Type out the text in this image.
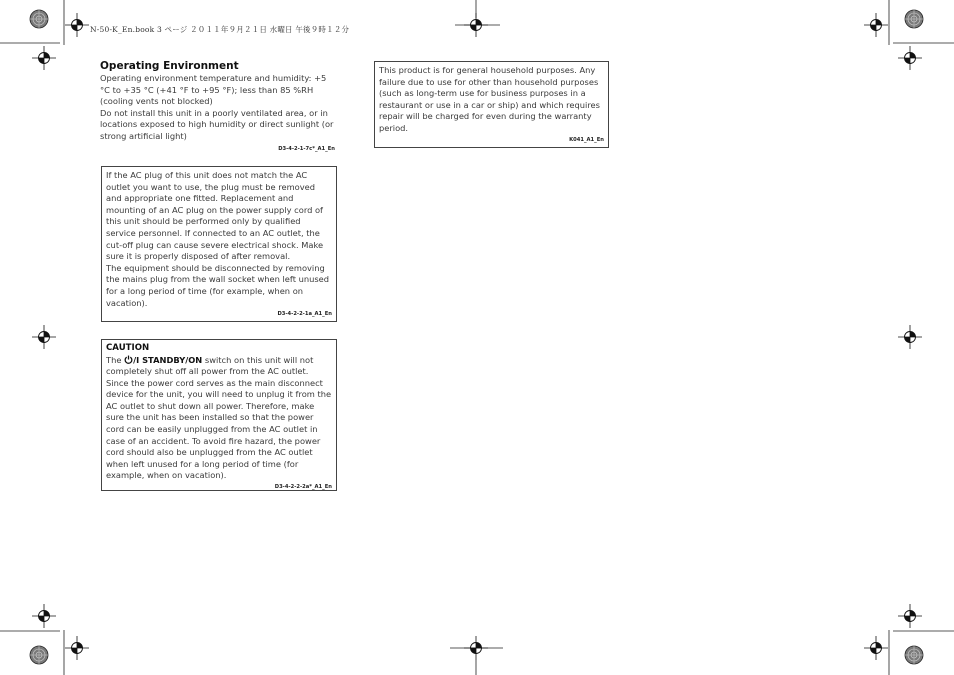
N-50-K_En.book 3 ページ ２０１１年９月２１日 水曜日 午後９時１２分
Operating Environment

Operating environment temperature and humidity: +5 °C to +35 °C (+41 °F to +95 °F); less than 85 %RH (cooling vents not blocked)

Do not install this unit in a poorly ventilated area, or in locations exposed to high humidity or direct sunlight (or strong artificial light)

D3-4-2-1-7c*_A1_En

If the AC plug of this unit does not match the AC outlet you want to use, the plug must be removed and appropriate one fitted. Replacement and mounting of an AC plug on the power supply cord of this unit should be performed only by qualified service personnel. If connected to an AC outlet, the cut-off plug can cause severe electrical shock. Make sure it is properly disposed of after removal.

The equipment should be disconnected by removing the mains plug from the wall socket when left unused for a long period of time (for example, when on vacation).

D3-4-2-2-1a_A1_En
CAUTION

The /I STANDBY/ON switch on this unit will not completely shut off all power from the AC outlet. Since the power cord serves as the main disconnect device for the unit, you will need to unplug it from the AC outlet to shut down all power. Therefore, make sure the unit has been installed so that the power cord can be easily unplugged from the AC outlet in case of an accident. To avoid fire hazard, the power cord should also be unplugged from the AC outlet when left unused for a long period of time (for example, when on vacation).

D3-4-2-2-2a*_A1_En

This product is for general household purposes. Any failure due to use for other than household purposes (such as long-term use for business purposes in a restaurant or use in a car or ship) and which requires repair will be charged for even during the warranty period.

K041_A1_En
